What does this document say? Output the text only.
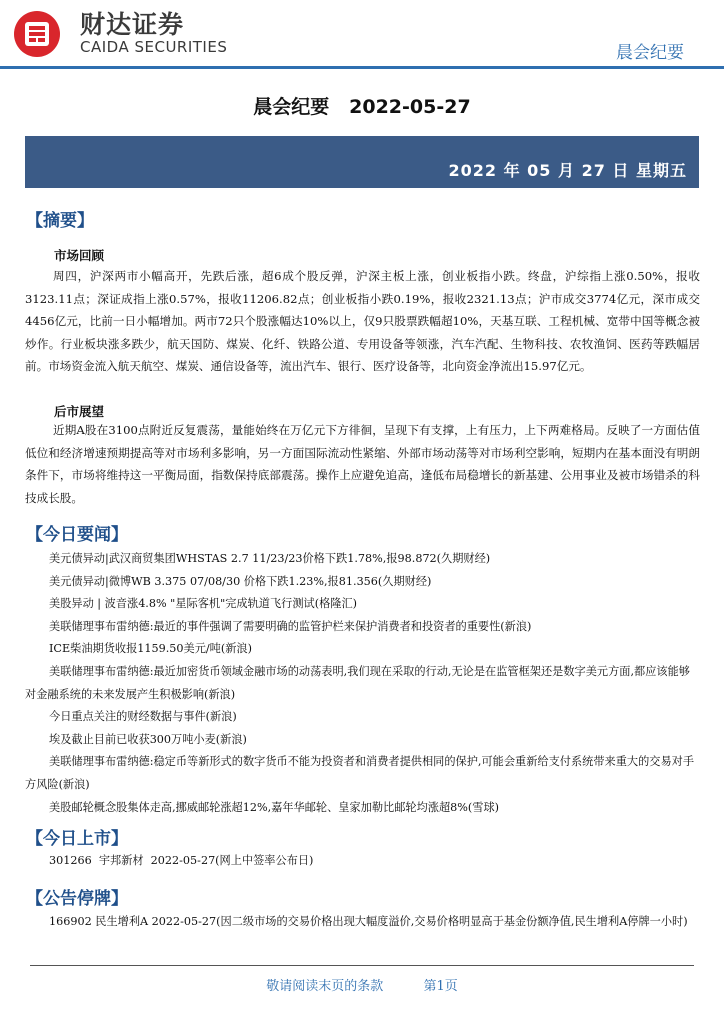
财达证券
CAIDA SECURITIES	晨会纪要
晨会纪要   2022-05-27
2022 年 05 月 27 日 星期五
【摘要】
市场回顾

周四，沪深两市小幅高开，先跌后涨，超6成个股反弹，沪深主板上涨，创业板指小跌。终盘，沪综指上涨0.50%，报收3123.11点；深证成指上涨0.57%，报收11206.82点；创业板指小跌0.19%，报收2321.13点；沪市成交3774亿元，深市成交4456亿元，比前一日小幅增加。两市72只个股涨幅达10%以上，仅9只股票跌幅超10%，天基互联、工程机械、宽带中国等概念被炒作。行业板块涨多跌少，航天国防、煤炭、化纤、铁路公道、专用设备等领涨，汽车汽配、生物科技、农牧渔饲、医药等跌幅居前。市场资金流入航天航空、煤炭、通信设备等，流出汽车、银行、医疗设备等，北向资金净流出15.97亿元。

后市展望

近期A股在3100点附近反复震荡，量能始终在万亿元下方徘徊，呈现下有支撑，上有压力，上下两难格局。反映了一方面估值低位和经济增速预期提高等对市场利多影响，另一方面国际流动性紧缩、外部市场动荡等对市场利空影响，短期内在基本面没有明朗条件下，市场将维持这一平衡局面，指数保持底部震荡。操作上应避免追高，逢低布局稳增长的新基建、公用事业及被市场错杀的科技成长股。

【今日要闻】
美元债异动|武汉商贸集团WHSTAS 2.7 11/23/23价格下跌1.78%,报98.872(久期财经)
美元债异动|微博WB 3.375 07/08/30 价格下跌1.23%,报81.356(久期财经)
美股异动 | 波音涨4.8% "星际客机"完成轨道飞行测试(格隆汇)
美联储理事布雷纳德:最近的事件强调了需要明确的监管护栏来保护消费者和投资者的重要性(新浪)
ICE柴油期货收报1159.50美元/吨(新浪)
美联储理事布雷纳德:最近加密货币领域金融市场的动荡表明,我们现在采取的行动,无论是在监管框架还是数字美元方面,都应该能够对金融系统的未来发展产生积极影响(新浪)
今日重点关注的财经数据与事件(新浪)
埃及截止目前已收获300万吨小麦(新浪)
美联储理事布雷纳德:稳定币等新形式的数字货币不能为投资者和消费者提供相同的保护,可能会重新给支付系统带来重大的交易对手方风险(新浪)
美股邮轮概念股集体走高,挪威邮轮涨超12%,嘉年华邮轮、皇家加勒比邮轮均涨超8%(雪球)
【今日上市】

301266  宇邦新材  2022-05-27(网上中签率公布日)

【公告停牌】

166902 民生增利A 2022-05-27(因二级市场的交易价格出现大幅度溢价,交易价格明显高于基金份额净值,民生增利A停牌一小时)

敬请阅读末页的条款	第1页
